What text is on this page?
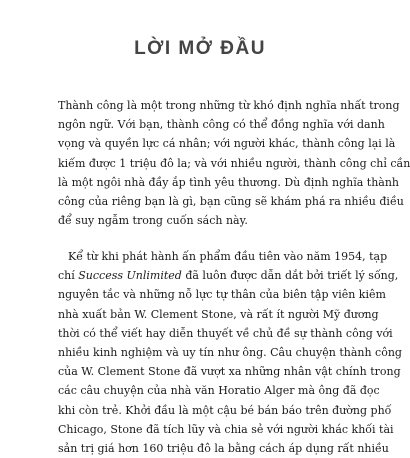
LỜI MỞ ĐẦU
Thành công là một trong những từ khó định nghĩa nhất trong
ngôn ngữ. Với bạn, thành công có thể đồng nghĩa với danh
vọng và quyền lực cá nhân; với người khác, thành công lại là
kiếm được 1 triệu đô la; và với nhiều người, thành công chỉ cần
là một ngôi nhà đầy ắp tình yêu thương. Dù định nghĩa thành
công của riêng bạn là gì, bạn cũng sẽ khám phá ra nhiều điều
để suy ngẫm trong cuốn sách này.
Kể từ khi phát hành ấn phẩm đầu tiên vào năm 1954, tạp
chí Success Unlimited đã luôn được dẫn dắt bởi triết lý sống,
nguyên tắc và những nỗ lực tự thân của biên tập viên kiêm
nhà xuất bản W. Clement Stone, và rất ít người Mỹ đương
thời có thể viết hay diễn thuyết về chủ đề sự thành công với
nhiều kinh nghiệm và uy tín như ông. Câu chuyện thành công
của W. Clement Stone đã vượt xa những nhân vật chính trong
các câu chuyện của nhà văn Horatio Alger mà ông đã đọc
khi còn trẻ. Khởi đầu là một cậu bé bán báo trên đường phố
Chicago, Stone đã tích lũy và chia sẻ với người khác khối tài
sản trị giá hơn 160 triệu đô la bằng cách áp dụng rất nhiều
